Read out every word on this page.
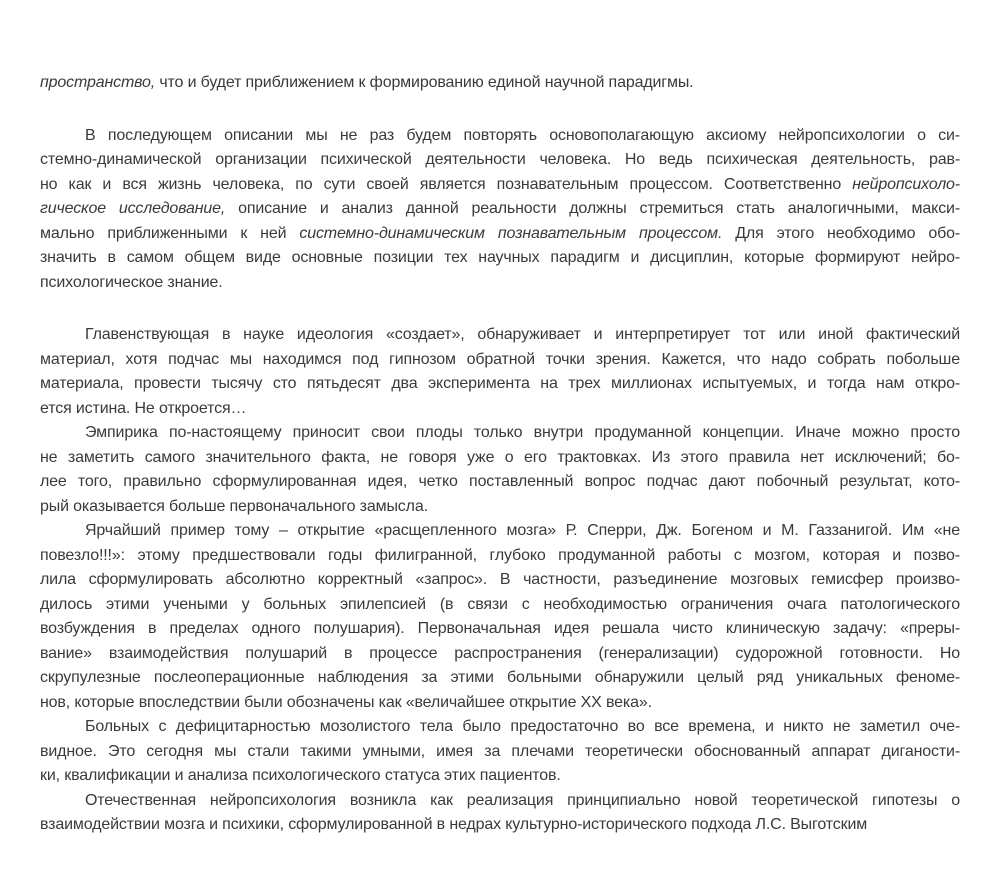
пространство, что и будет приближением к формированию единой научной парадигмы.

В последующем описании мы не раз будем повторять основополагающую аксиому нейропсихологии о си-
стемно-динамической организации психической деятельности человека. Но ведь психическая деятельность, рав-
но как и вся жизнь человека, по сути своей является познавательным процессом. Соответственно нейропсихоло-
гическое исследование, описание и анализ данной реальности должны стремиться стать аналогичными, макси-
мально приближенными к ней системно-динамическим познавательным процессом. Для этого необходимо обо-
значить в самом общем виде основные позиции тех научных парадигм и дисциплин, которые формируют нейро-
психологическое знание.

Главенствующая в науке идеология «создает», обнаруживает и интерпретирует тот или иной фактический
материал, хотя подчас мы находимся под гипнозом обратной точки зрения. Кажется, что надо собрать побольше
материала, провести тысячу сто пятьдесят два эксперимента на трех миллионах испытуемых, и тогда нам откро-
ется истина. Не откроется…

Эмпирика по-настоящему приносит свои плоды только внутри продуманной концепции. Иначе можно просто
не заметить самого значительного факта, не говоря уже о его трактовках. Из этого правила нет исключений; бо-
лее того, правильно сформулированная идея, четко поставленный вопрос подчас дают побочный результат, кото-
рый оказывается больше первоначального замысла.

Ярчайший пример тому – открытие «расщепленного мозга» Р. Сперри, Дж. Богеном и М. Газзанигой. Им «не
повезло!!!»: этому предшествовали годы филигранной, глубоко продуманной работы с мозгом, которая и позво-
лила сформулировать абсолютно корректный «запрос». В частности, разъединение мозговых гемисфер произво-
дилось этими учеными у больных эпилепсией (в связи с необходимостью ограничения очага патологического
возбуждения в пределах одного полушария). Первоначальная идея решала чисто клиническую задачу: «преры-
вание» взаимодействия полушарий в процессе распространения (генерализации) судорожной готовности. Но
скрупулезные послеоперационные наблюдения за этими больными обнаружили целый ряд уникальных феноме-
нов, которые впоследствии были обозначены как «величайшее открытие XX века».

Больных с дефицитарностью мозолистого тела было предостаточно во все времена, и никто не заметил оче-
видное. Это сегодня мы стали такими умными, имея за плечами теоретически обоснованный аппарат диганости-
ки, квалификации и анализа психологического статуса этих пациентов.

Отечественная нейропсихология возникла как реализация принципиально новой теоретической гипотезы о
взаимодействии мозга и психики, сформулированной в недрах культурно-исторического подхода Л.С. Выготским
